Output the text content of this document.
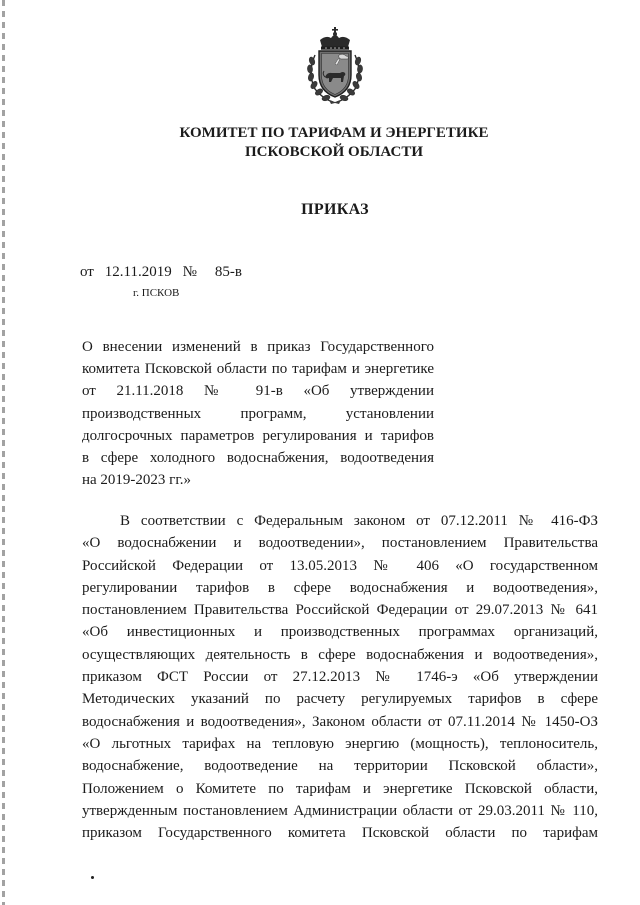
КОМИТЕТ ПО ТАРИФАМ И ЭНЕРГЕТИКЕ
ПСКОВСКОЙ ОБЛАСТИ
ПРИКАЗ
от 12.11.2019 № 85-в
г. ПСКОВ
О внесении изменений в приказ Государственного
комитета Псковской области по тарифам и энергетике
от 21.11.2018 № 91-в «Об утверждении
производственных программ, установлении
долгосрочных параметров регулирования и тарифов
в сфере холодного водоснабжения, водоотведения
на 2019-2023 гг.»
В соответствии с Федеральным законом от 07.12.2011 № 416-ФЗ
«О водоснабжении и водоотведении», постановлением Правительства
Российской Федерации от 13.05.2013 № 406 «О государственном
регулировании тарифов в сфере водоснабжения и водоотведения»,
постановлением Правительства Российской Федерации от 29.07.2013 № 641
«Об инвестиционных и производственных программах организаций,
осуществляющих деятельность в сфере водоснабжения и водоотведения»,
приказом ФСТ России от 27.12.2013 № 1746-э «Об утверждении
Методических указаний по расчету регулируемых тарифов в сфере
водоснабжения и водоотведения», Законом области от 07.11.2014 № 1450-ОЗ
«О льготных тарифах на тепловую энергию (мощность), теплоноситель,
водоснабжение, водоотведение на территории Псковской области»,
Положением о Комитете по тарифам и энергетике Псковской области,
утвержденным постановлением Администрации области от 29.03.2011 № 110,
приказом Государственного комитета Псковской области по тарифам
